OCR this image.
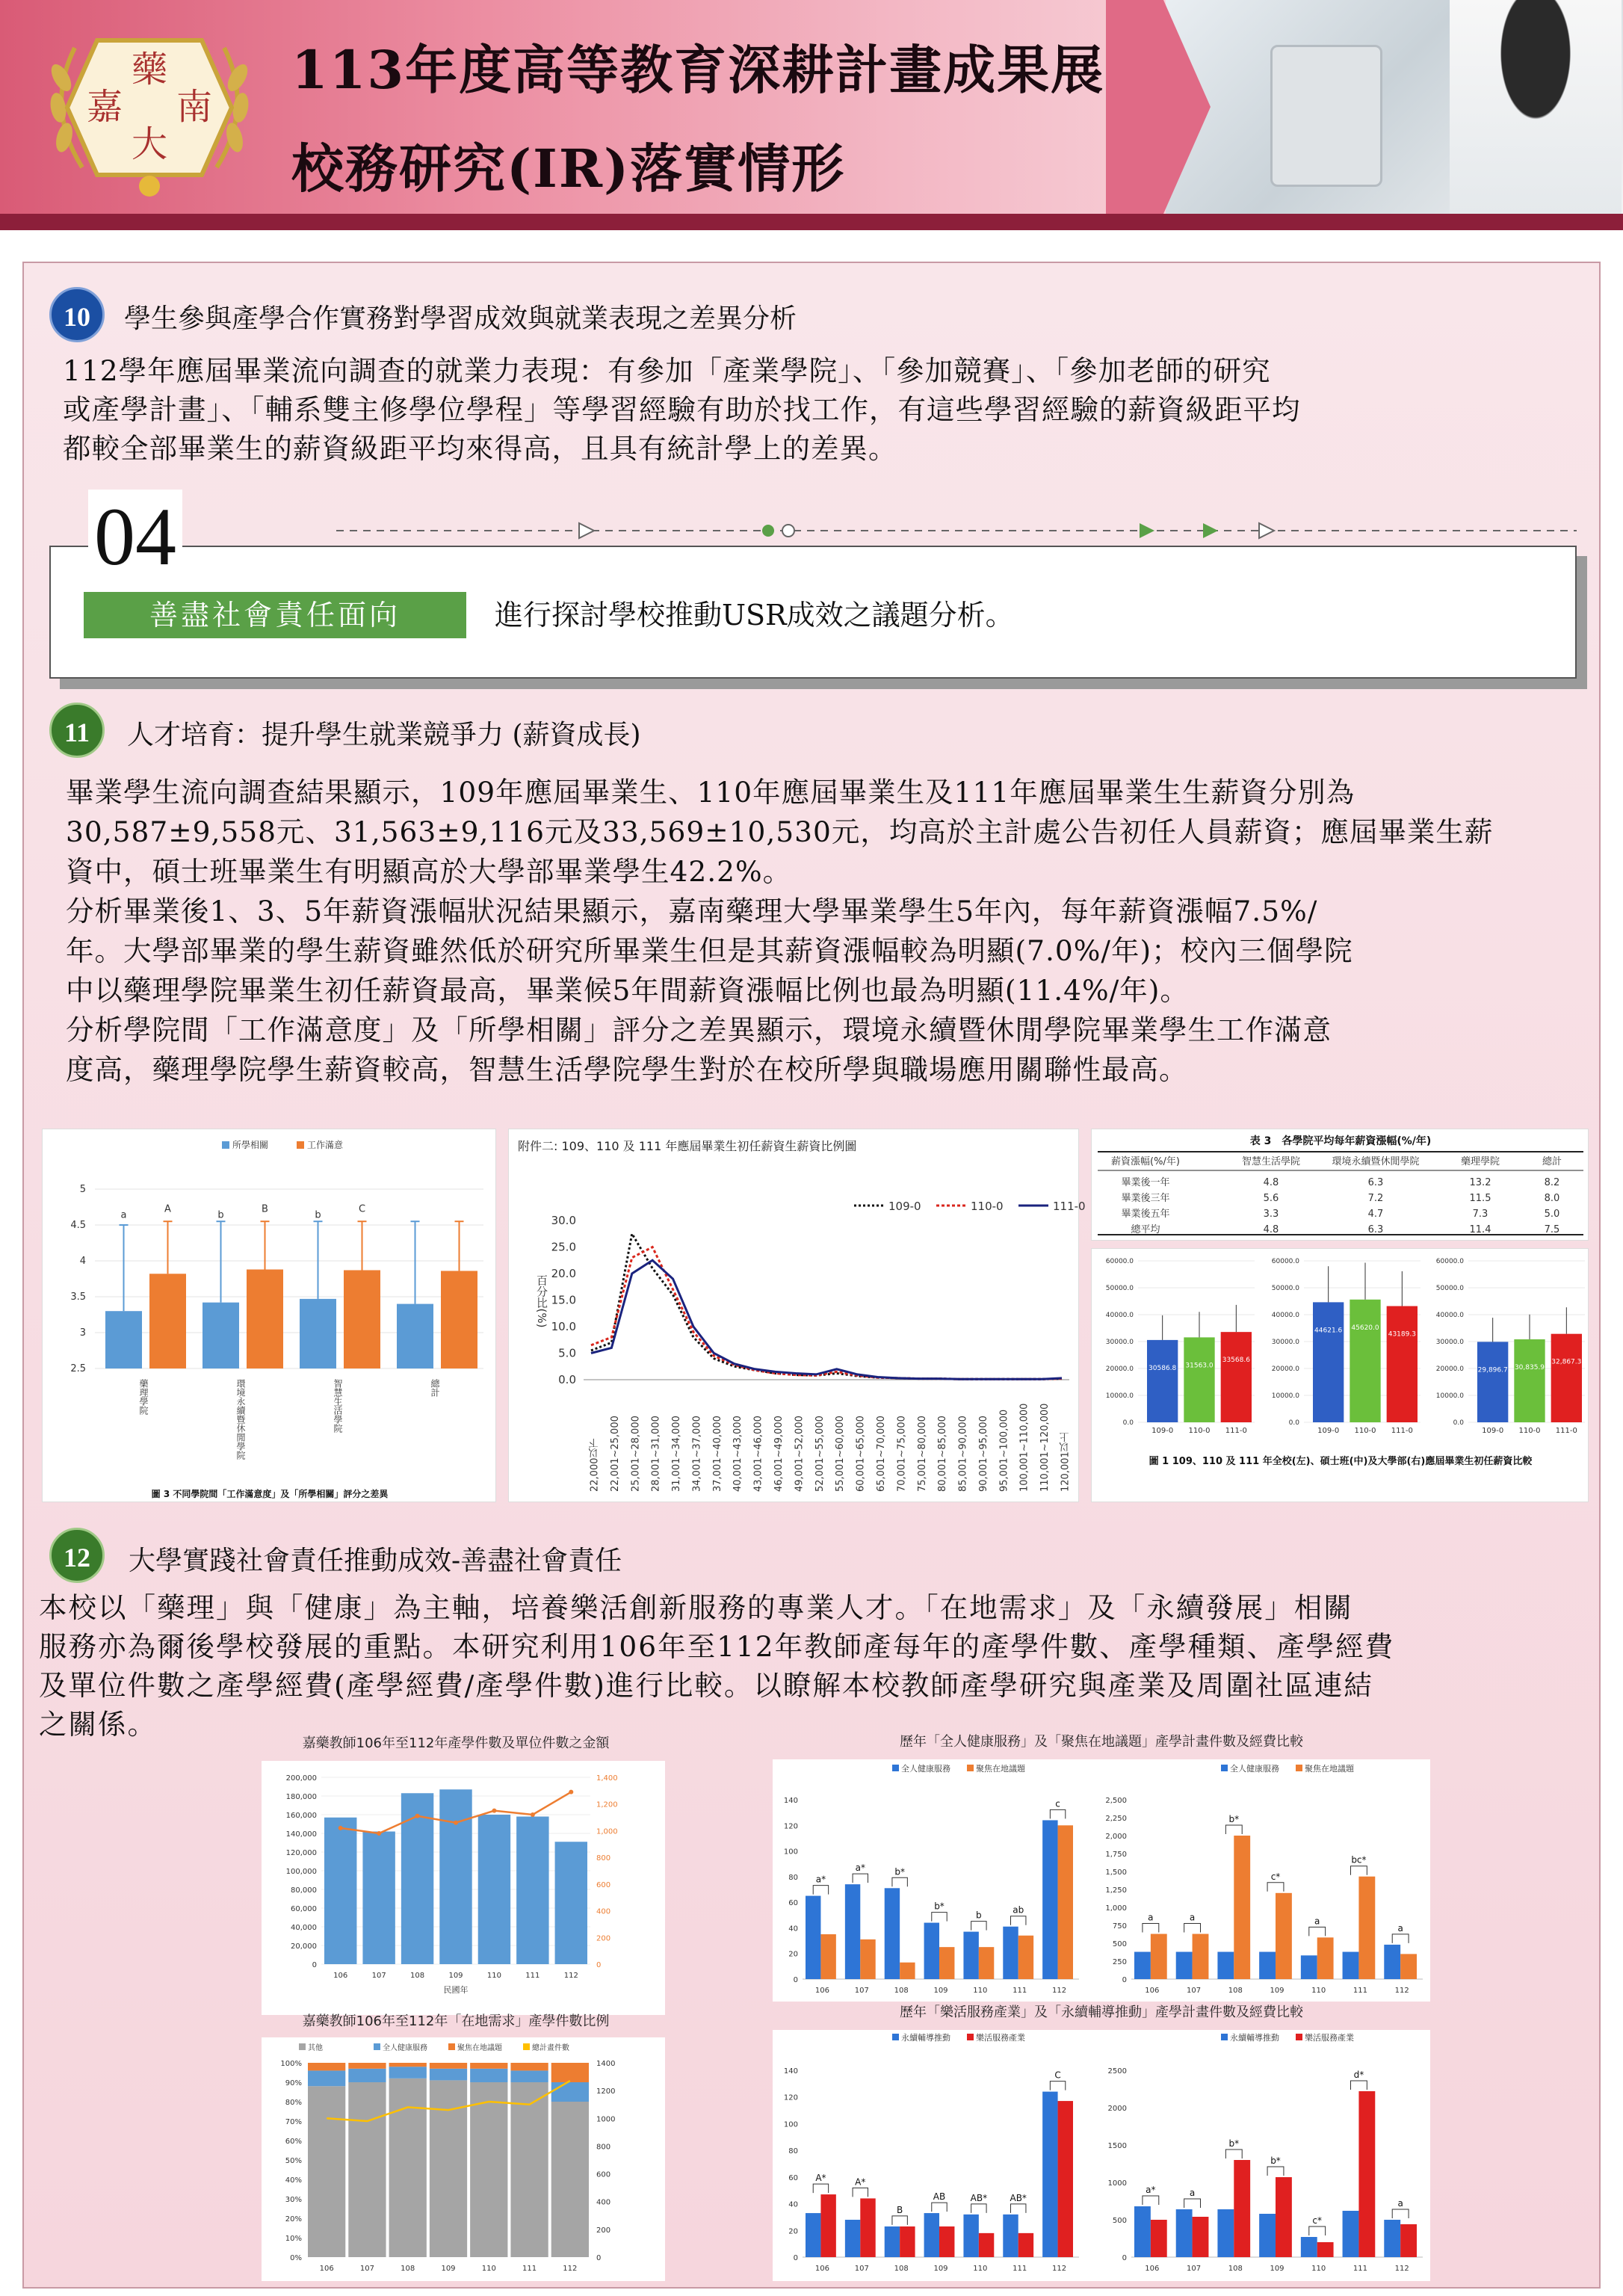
藥
嘉 南
大
113年度高等教育深耕計畫成果展
校務研究(IR)落實情形
10	學生參與產學合作實務對學習成效與就業表現之差異分析
112學年應屆畢業流向調查的就業力表現：有參加「產業學院」、「參加競賽」、「參加老師的研究
或產學計畫」、「輔系雙主修學位學程」等學習經驗有助於找工作，有這些學習經驗的薪資級距平均
都較全部畢業生的薪資級距平均來得高，且具有統計學上的差異。
04
善盡社會責任面向	進行探討學校推動USR成效之議題分析。
11	人才培育：提升學生就業競爭力 (薪資成長)
畢業學生流向調查結果顯示，109年應屆畢業生、110年應屆畢業生及111年應屆畢業生生薪資分別為
30,587±9,558元、31,563±9,116元及33,569±10,530元，均高於主計處公告初任人員薪資；應屆畢業生薪
資中，碩士班畢業生有明顯高於大學部畢業學生42.2%。
分析畢業後1、3、5年薪資漲幅狀況結果顯示，嘉南藥理大學畢業學生5年內，每年薪資漲幅7.5%/
年。大學部畢業的學生薪資雖然低於研究所畢業生但是其薪資漲幅較為明顯(7.0%/年)；校內三個學院
中以藥理學院畢業生初任薪資最高，畢業候5年間薪資漲幅比例也最為明顯(11.4%/年)。
分析學院間「工作滿意度」及「所學相關」評分之差異顯示，環境永續暨休閒學院畢業學生工作滿意
度高，藥理學院學生薪資較高，智慧生活學院學生對於在校所學與職場應用關聯性最高。
所學相關	工作滿意
2.5
3
3.5
4
4.5
5
a
A
藥理學院
b
B
環境永續暨休閒學院
b
C
智慧生活學院	總計
圖 3 不同學院間「工作滿意度」及「所學相關」評分之差異
附件二: 109、110 及 111 年應屆畢業生初任薪資生薪資比例圖
0.0
5.0
10.0
15.0
20.0
25.0
30.0
百分比(%)
109-0	110-0	111-0
22,000以下 22,001~25,000 25,001~28,000 28,001~31,000 31,001~34,000 34,001~37,000 37,001~40,000 40,001~43,000 43,001~46,000 46,001~49,000 49,001~52,000 52,001~55,000 55,001~60,000 60,001~65,000 65,001~70,000 70,001~75,000 75,001~80,000 80,001~85,000 85,001~90,000 90,001~95,000 95,001~100,000 100,001~110,000 110,001~120,000 120,001以上
表 3　各學院平均每年薪資漲幅(%/年)
薪資漲幅(%/年)	智慧生活學院	環境永續暨休閒學院	藥理學院	總計
畢業後一年	4.8	6.3	13.2	8.2
畢業後三年	5.6	7.2	11.5	8.0
畢業後五年	3.3	4.7	7.3	5.0
總平均	4.8	6.3	11.4	7.5
0.0
10000.0
20000.0
30000.0
40000.0
50000.0
60000.0
30586.8
109-0
31563.0
110-0
33568.6
111-0
0.0
10000.0
20000.0
30000.0
40000.0
50000.0
60000.0
44621.6
109-0
45620.0
110-0
43189.3
111-0
0.0
10000.0
20000.0
30000.0
40000.0
50000.0
60000.0
29,896.7
109-0
30,835.9
110-0
32,867.3
111-0
圖 1 109、110 及 111 年全校(左)、碩士班(中)及大學部(右)應屆畢業生初任薪資比較
12	大學實踐社會責任推動成效-善盡社會責任
本校以「藥理」與「健康」為主軸，培養樂活創新服務的專業人才。「在地需求」及「永續發展」相關
服務亦為爾後學校發展的重點。本研究利用106年至112年教師產每年的產學件數、產學種類、產學經費
及單位件數之產學經費(產學經費/產學件數)進行比較。以瞭解本校教師產學研究與產業及周圍社區連結
之關係。
嘉藥教師106年至112年產學件數及單位件數之金額
0
20,000
40,000
60,000
80,000
100,000
120,000
140,000
160,000
180,000
200,000
0
200
400
600
800
1,000
1,200
1,400
106	107	108	109	110	111	112
民國年
歷年「全人健康服務」及「聚焦在地議題」產學計畫件數及經費比較
全人健康服務	聚焦在地議題
0
20
40
60
80
100
120
140
a*
106
a*
107
b*
108
b*
109
b
110
ab
111
c
112
全人健康服務	聚焦在地議題
0
250
500
750
1,000
1,250
1,500
1,750
2,000
2,250
2,500
a
106
a
107
b*
108
c*
109
a
110
bc*
111
a
112
嘉藥教師106年至112年「在地需求」產學件數比例
其他	全人健康服務	聚焦在地議題	總計畫件數
0%
10%
20%
30%
40%
50%
60%
70%
80%
90%
100%
0
200
400
600
800
1000
1200
1400
106	107	108	109	110	111	112
歷年「樂活服務產業」及「永續輔導推動」產學計畫件數及經費比較
永續輔導推動	樂活服務產業
0
20
40
60
80
100
120
140
A*
106
A*
107
B
108
AB
109
AB*
110
AB*
111
C
112
永續輔導推動	樂活服務產業
0
500
1000
1500
2000
2500
a*
106
a
107
b*
108
b*
109
c*
110
d*
111
a
112
